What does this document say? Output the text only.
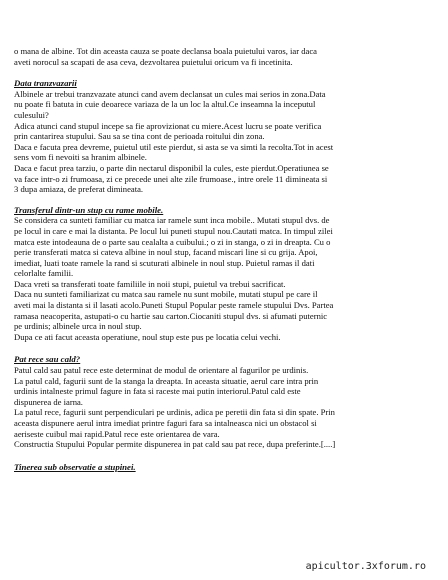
o mana de albine. Tot din aceasta cauza se poate declansa boala puietului varos, iar daca

aveti norocul sa scapati de asa ceva, dezvoltarea puietului oricum va fi incetinita.

Data tranzvazarii

Albinele ar trebui tranzvazate atunci cand avem declansat un cules mai serios in zona.Data

nu poate fi batuta in cuie deoarece variaza de la un loc la altul.Ce inseamna la inceputul

culesului?

Adica atunci cand stupul incepe sa fie aprovizionat cu miere.Acest lucru se poate verifica

prin cantarirea stupului. Sau sa se tina cont de perioada roitului din zona.

Daca e facuta prea devreme, puietul util este pierdut, si asta se va simti la recolta.Tot in acest

sens vom fi nevoiti sa hranim albinele.

Daca e facut prea tarziu, o parte din nectarul disponibil la cules, este pierdut.Operatiunea se

va face intr-o zi frumoasa, zi ce precede unei alte zile frumoase., intre orele 11 dimineata si

3 dupa amiaza, de preferat dimineata.

Transferul dintr-un stup cu rame mobile.

Se considera ca sunteti familiar cu matca iar ramele sunt inca mobile.. Mutati stupul dvs. de

pe locul in care e mai la distanta. Pe locul lui puneti stupul nou.Cautati matca. In timpul zilei

matca este intodeauna de o parte sau cealalta a cuibului.; o zi in stanga, o zi in dreapta. Cu o

perie transferati matca si cateva albine in noul stup, facand miscari line si cu grija. Apoi,

imediat, luati toate ramele la rand si scuturati albinele in noul stup. Puietul ramas il dati

celorlalte familii.

Daca vreti sa transferati toate familiile in noii stupi, puietul va trebui sacrificat.

Daca nu sunteti familiarizat cu matca sau ramele nu sunt mobile, mutati stupul pe care il

aveti mai la distanta si il lasati acolo.Puneti Stupul Popular peste ramele stupului Dvs. Partea

ramasa neacoperita, astupati-o cu hartie sau carton.Ciocaniti stupul dvs. si afumati puternic

pe urdinis; albinele urca in noul stup.

Dupa ce ati facut aceasta operatiune, noul stup este pus pe locatia celui vechi.

Pat rece sau cald?

Patul cald sau patul rece este determinat de modul de orientare al fagurilor pe urdinis.

La patul cald, fagurii sunt de la stanga la dreapta. In aceasta situatie, aerul care intra prin

urdinis intalneste primul fagure in fata si raceste mai putin interiorul.Patul cald este

dispunerea de iarna.

La patul rece, fagurii sunt perpendiculari pe urdinis, adica pe peretii din fata si din spate. Prin

aceasta dispunere aerul intra imediat printre faguri fara sa intalneasca nici un obstacol si

aeriseste cuibul mai rapid.Patul rece este orientarea de vara.

Constructia Stupului Popular permite dispunerea in pat cald sau pat rece, dupa preferinte.[....]

Tinerea sub observatie a stupinei.
apicultor.3xforum.ro
